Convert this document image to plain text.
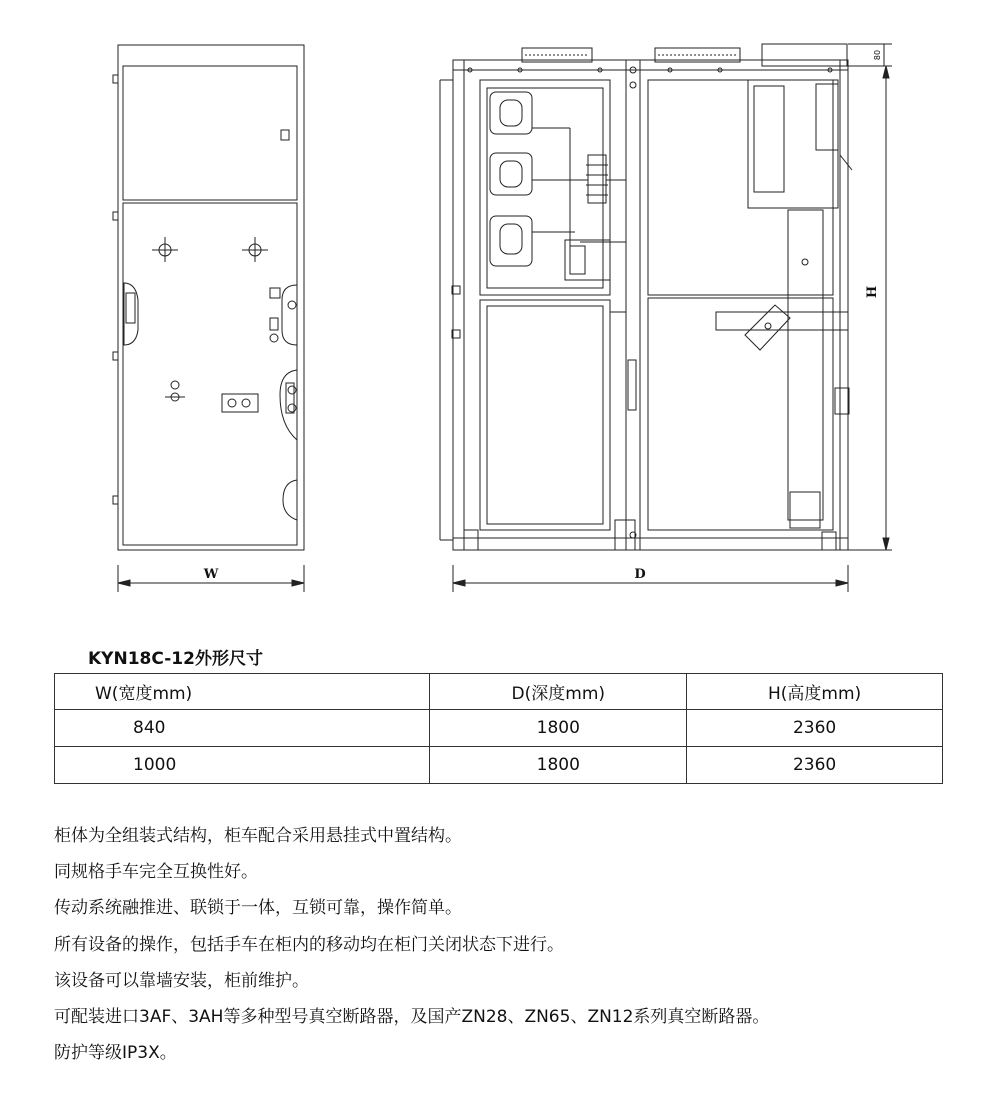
W	D
H
80
KYN18C-12外形尺寸
W(宽度mm)	D(深度mm)	H(高度mm)
840	1800	2360
1000	1800	2360
柜体为全组装式结构，柜车配合采用悬挂式中置结构。
同规格手车完全互换性好。
传动系统融推进、联锁于一体，互锁可靠，操作简单。
所有设备的操作，包括手车在柜内的移动均在柜门关闭状态下进行。
该设备可以靠墙安装，柜前维护。
可配装进口3AF、3AH等多种型号真空断路器，及国产ZN28、ZN65、ZN12系列真空断路器。
防护等级IP3X。
